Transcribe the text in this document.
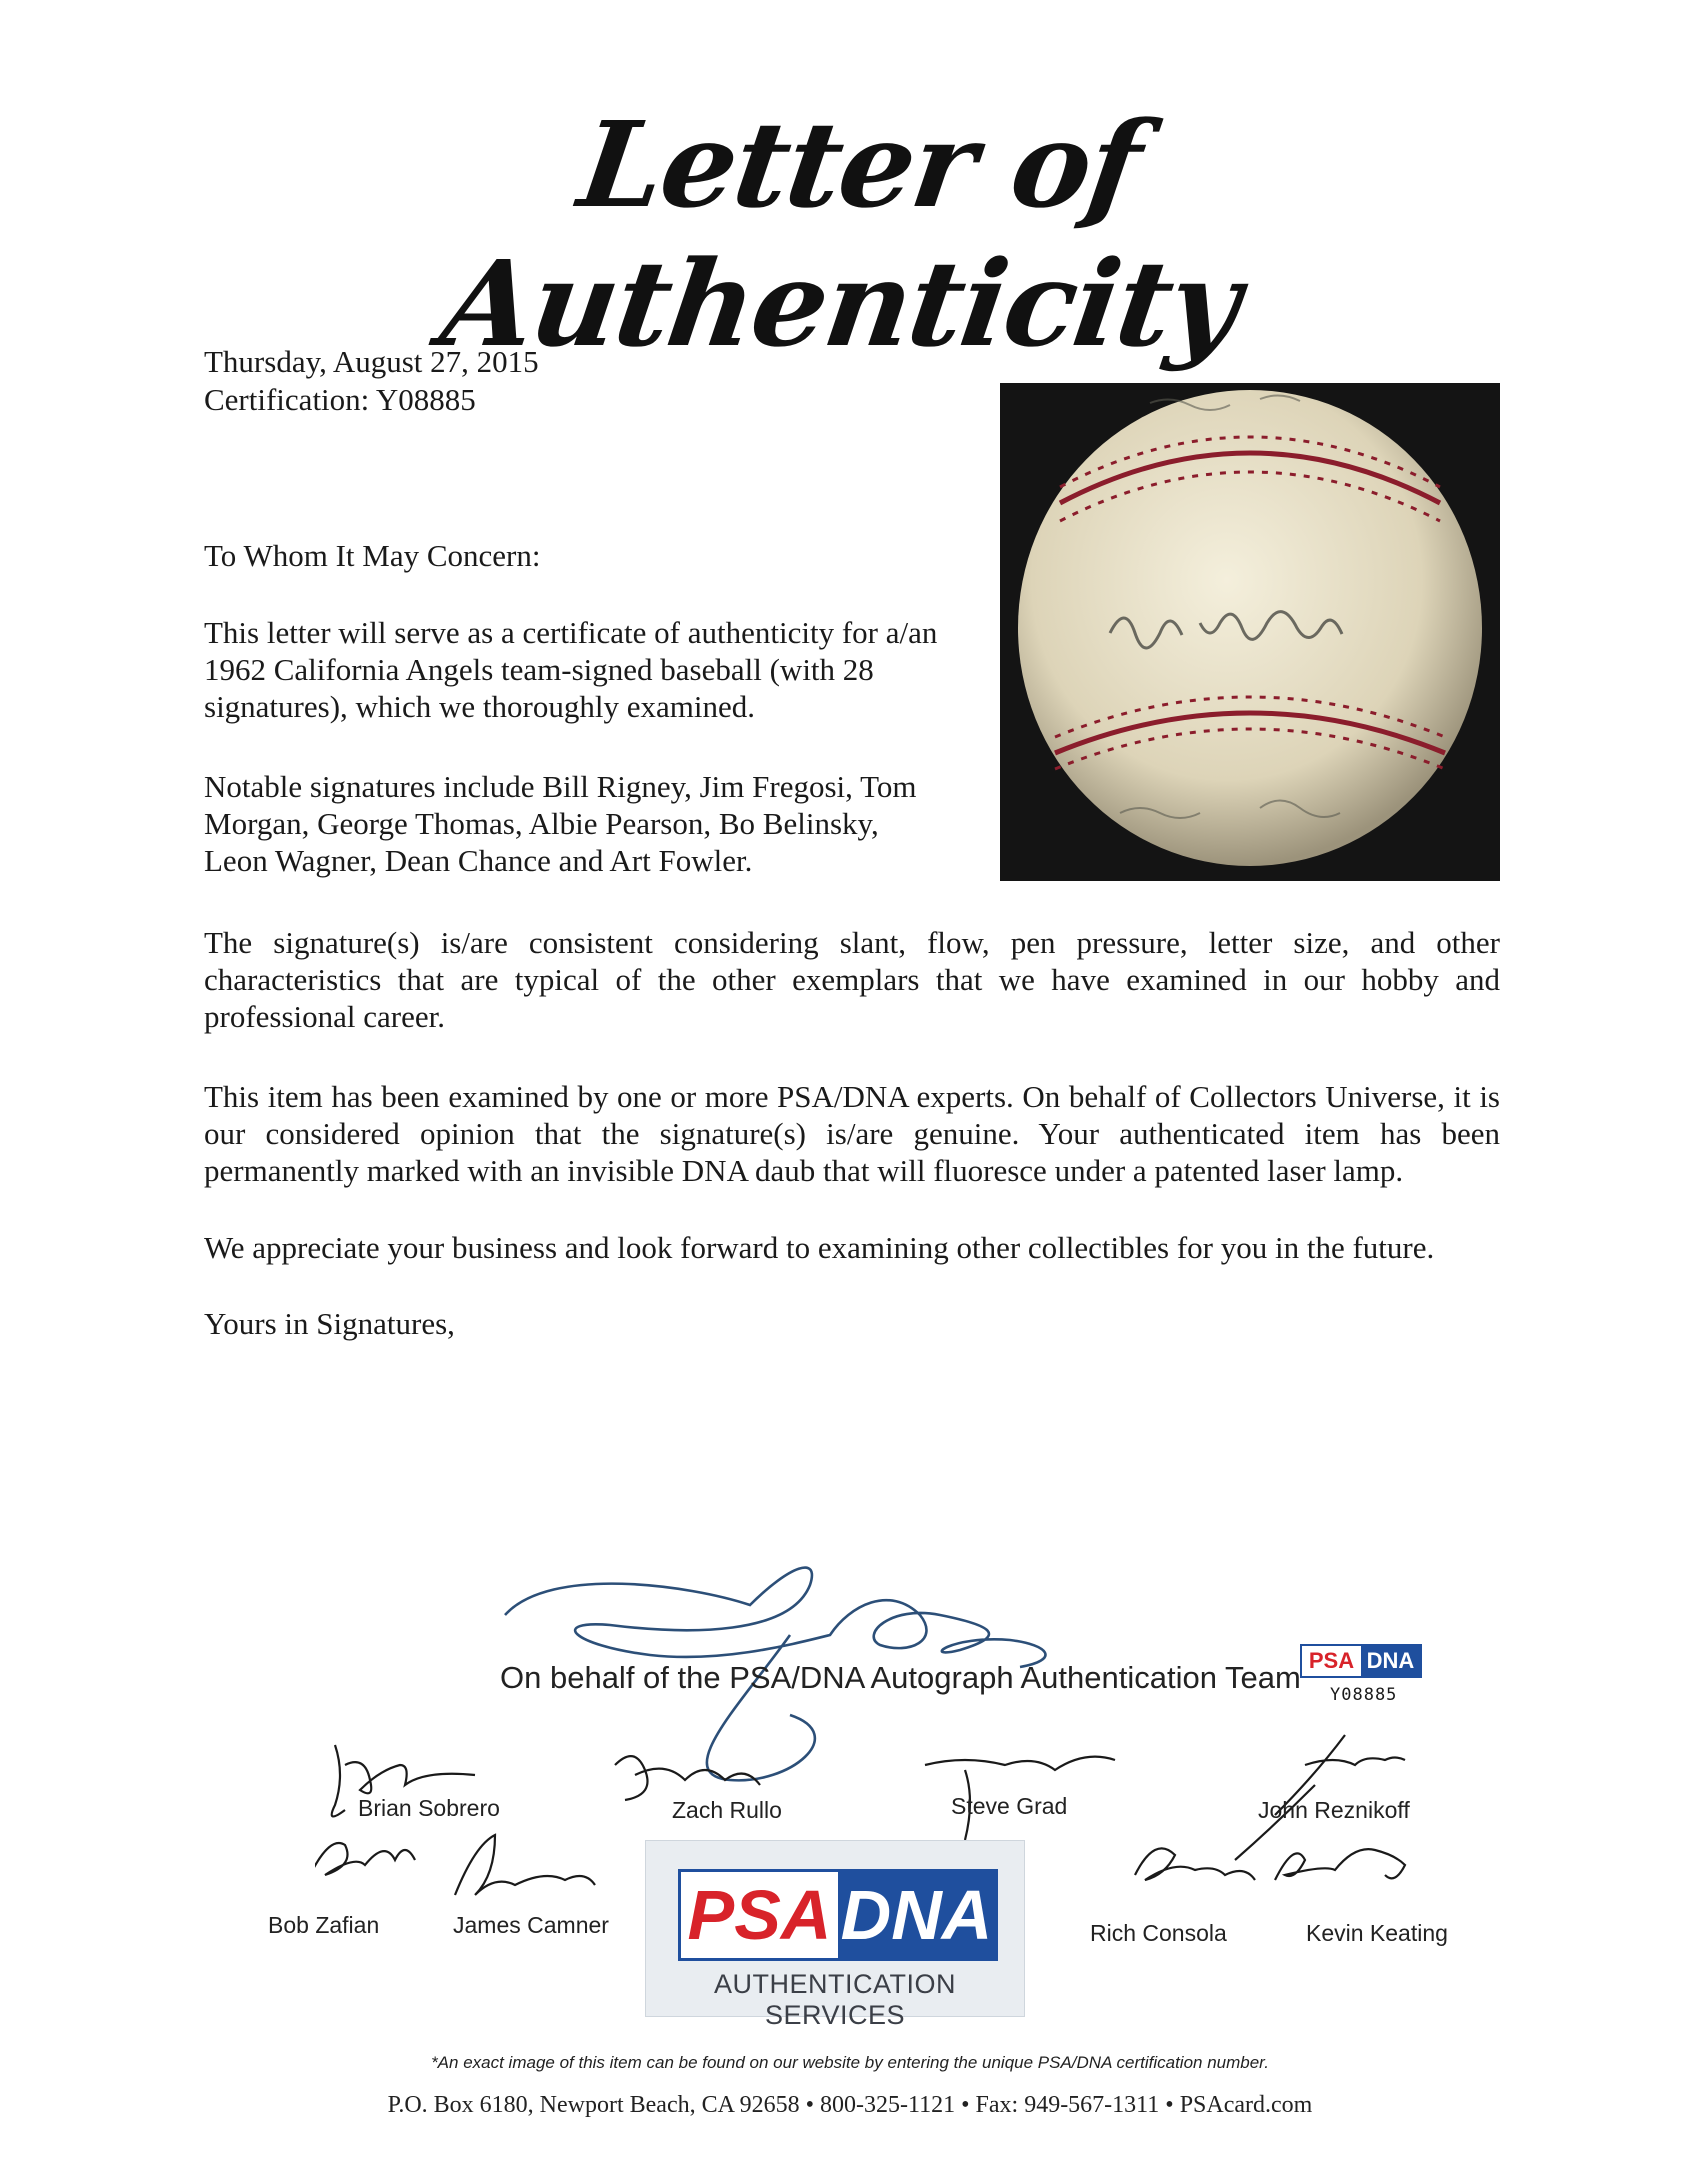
Letter of Authenticity
Thursday, August 27, 2015
Certification: Y08885
To Whom It May Concern:
This letter will serve as a certificate of authenticity for a/an
1962 California Angels team-signed baseball (with 28
signatures), which we thoroughly examined.
Notable signatures include Bill Rigney, Jim Fregosi, Tom
Morgan, George Thomas, Albie Pearson, Bo Belinsky,
Leon Wagner, Dean Chance and Art Fowler.
The signature(s) is/are consistent considering slant, flow, pen pressure, letter size, and other characteristics that are typical of the other exemplars that we have examined in our hobby and professional career.
This item has been examined by one or more PSA/DNA experts. On behalf of Collectors Universe, it is our considered opinion that the signature(s) is/are genuine. Your authenticated item has been permanently marked with an invisible DNA daub that will fluoresce under a patented laser lamp.
We appreciate your business and look forward to examining other collectibles for you in the future.
Yours in Signatures,
On behalf of the PSA/DNA Autograph Authentication Team PSA DNA
Y08885
Brian Sobrero	Zach Rullo	Steve Grad	John Reznikoff
Bob Zafian	James Camner	Rich Consola	Kevin Keating
PSA DNA
AUTHENTICATION SERVICES
*An exact image of this item can be found on our website by entering the unique PSA/DNA certification number.
P.O. Box 6180, Newport Beach, CA 92658 • 800-325-1121 • Fax: 949-567-1311 • PSAcard.com
